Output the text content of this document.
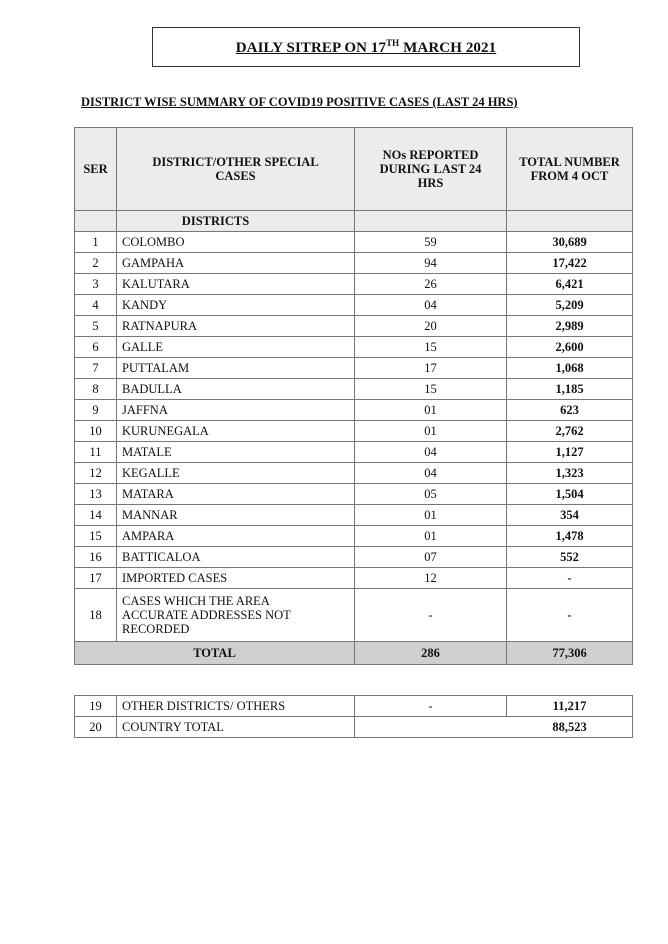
DAILY SITREP ON 17TH MARCH 2021
DISTRICT WISE SUMMARY OF COVID19 POSITIVE CASES (LAST 24 HRS)
SER	DISTRICT/OTHER SPECIAL CASES	NOs REPORTED DURING LAST 24 HRS	TOTAL NUMBER FROM 4 OCT
	DISTRICTS		
1	COLOMBO	59	30,689
2	GAMPAHA	94	17,422
3	KALUTARA	26	6,421
4	KANDY	04	5,209
5	RATNAPURA	20	2,989
6	GALLE	15	2,600
7	PUTTALAM	17	1,068
8	BADULLA	15	1,185
9	JAFFNA	01	623
10	KURUNEGALA	01	2,762
11	MATALE	04	1,127
12	KEGALLE	04	1,323
13	MATARA	05	1,504
14	MANNAR	01	354
15	AMPARA	01	1,478
16	BATTICALOA	07	552
17	IMPORTED CASES	12	-
18	CASES WHICH THE AREA ACCURATE ADDRESSES NOT RECORDED	-	-
TOTAL		286	77,306
19	OTHER DISTRICTS/ OTHERS	-	11,217
20	COUNTRY TOTAL	88,523	
